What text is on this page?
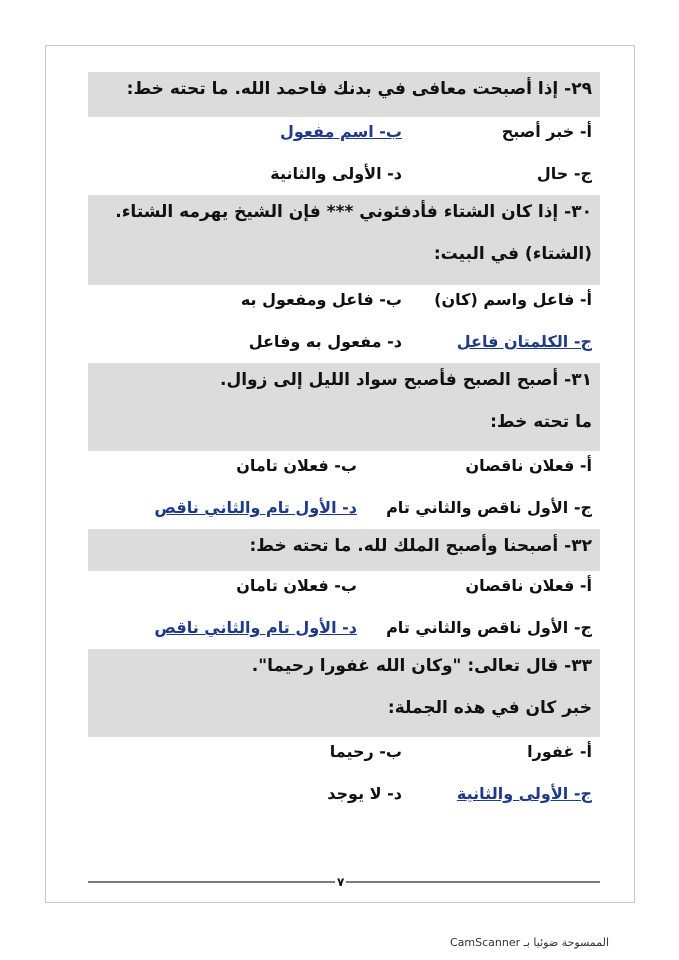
٢٩- إذا أصبحت معافى في بدنك فاحمد الله. ما تحته خط:
أ- خبر أصبح
ب- اسم مفعول
ج- حال
د- الأولى والثانية
٣٠- إذا كان الشتاء فأدفئوني *** فإن الشيخ يهرمه الشتاء.
(الشتاء) في البيت:
أ- فاعل واسم (كان)
ب- فاعل ومفعول به
ج- الكلمتان فاعل
د- مفعول به وفاعل
٣١- أصبح الصبح فأصبح سواد الليل إلى زوال.
ما تحته خط:
أ- فعلان ناقصان
ب- فعلان تامان
ج- الأول ناقص والثاني تام
د- الأول تام والثاني ناقص
٣٢- أصبحنا وأصبح الملك لله. ما تحته خط:
أ- فعلان ناقصان
ب- فعلان تامان
ج- الأول ناقص والثاني تام
د- الأول تام والثاني ناقص
٣٣- قال تعالى: "وكان الله غفورا رحيما".
خبر كان في هذه الجملة:
أ- غفورا
ب- رحيما
ج- الأولى والثانية
د- لا يوجد
٧
الممسوحة ضوئيا بـ CamScanner
